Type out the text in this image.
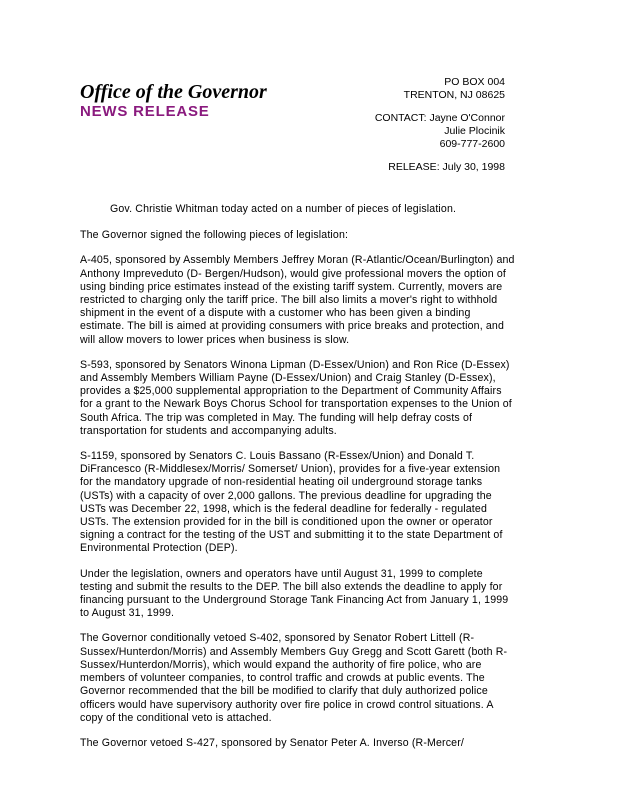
Office of the Governor
NEWS RELEASE
PO BOX 004
TRENTON, NJ 08625
CONTACT: Jayne O'Connor
Julie Plocinik
609-777-2600
RELEASE: July 30, 1998

Gov. Christie Whitman today acted on a number of pieces of legislation.

The Governor signed the following pieces of legislation:

A-405, sponsored by Assembly Members Jeffrey Moran (R-Atlantic/Ocean/Burlington) and Anthony Impreveduto (D- Bergen/Hudson), would give professional movers the option of using binding price estimates instead of the existing tariff system. Currently, movers are restricted to charging only the tariff price. The bill also limits a mover's right to withhold shipment in the event of a dispute with a customer who has been given a binding estimate. The bill is aimed at providing consumers with price breaks and protection, and will allow movers to lower prices when business is slow.

S-593, sponsored by Senators Winona Lipman (D-Essex/Union) and Ron Rice (D-Essex) and Assembly Members William Payne (D-Essex/Union) and Craig Stanley (D-Essex), provides a $25,000 supplemental appropriation to the Department of Community Affairs for a grant to the Newark Boys Chorus School for transportation expenses to the Union of South Africa. The trip was completed in May. The funding will help defray costs of transportation for students and accompanying adults.

S-1159, sponsored by Senators C. Louis Bassano (R-Essex/Union) and Donald T. DiFrancesco (R-Middlesex/Morris/ Somerset/ Union), provides for a five-year extension for the mandatory upgrade of non-residential heating oil underground storage tanks (USTs) with a capacity of over 2,000 gallons. The previous deadline for upgrading the USTs was December 22, 1998, which is the federal deadline for federally - regulated USTs. The extension provided for in the bill is conditioned upon the owner or operator signing a contract for the testing of the UST and submitting it to the state Department of Environmental Protection (DEP).

Under the legislation, owners and operators have until August 31, 1999 to complete testing and submit the results to the DEP. The bill also extends the deadline to apply for financing pursuant to the Underground Storage Tank Financing Act from January 1, 1999 to August 31, 1999.

The Governor conditionally vetoed S-402, sponsored by Senator Robert Littell (R-Sussex/Hunterdon/Morris) and Assembly Members Guy Gregg and Scott Garett (both R-Sussex/Hunterdon/Morris), which would expand the authority of fire police, who are members of volunteer companies, to control traffic and crowds at public events. The Governor recommended that the bill be modified to clarify that duly authorized police officers would have supervisory authority over fire police in crowd control situations. A copy of the conditional veto is attached.

The Governor vetoed S-427, sponsored by Senator Peter A. Inverso (R-Mercer/
